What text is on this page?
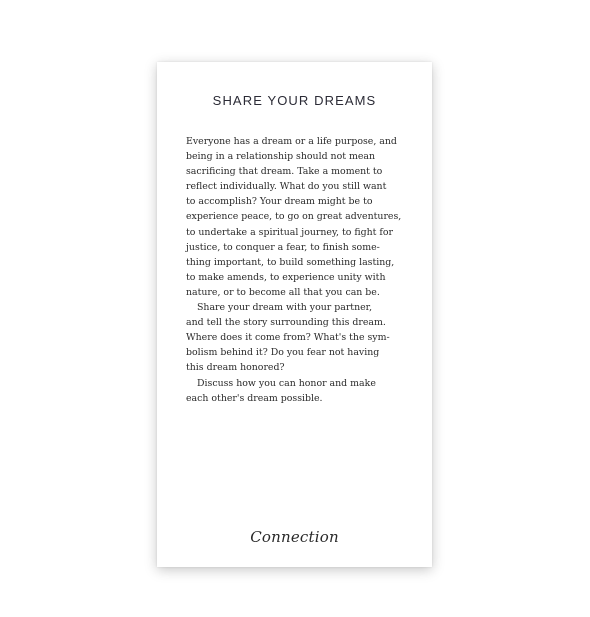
SHARE YOUR DREAMS
Everyone has a dream or a life purpose, and
being in a relationship should not mean
sacrificing that dream. Take a moment to
reflect individually. What do you still want
to accomplish? Your dream might be to
experience peace, to go on great adventures,
to undertake a spiritual journey, to fight for
justice, to conquer a fear, to finish some-
thing important, to build something lasting,
to make amends, to experience unity with
nature, or to become all that you can be.
Share your dream with your partner,
and tell the story surrounding this dream.
Where does it come from? What's the sym-
bolism behind it? Do you fear not having
this dream honored?
Discuss how you can honor and make
each other's dream possible.
Connection
